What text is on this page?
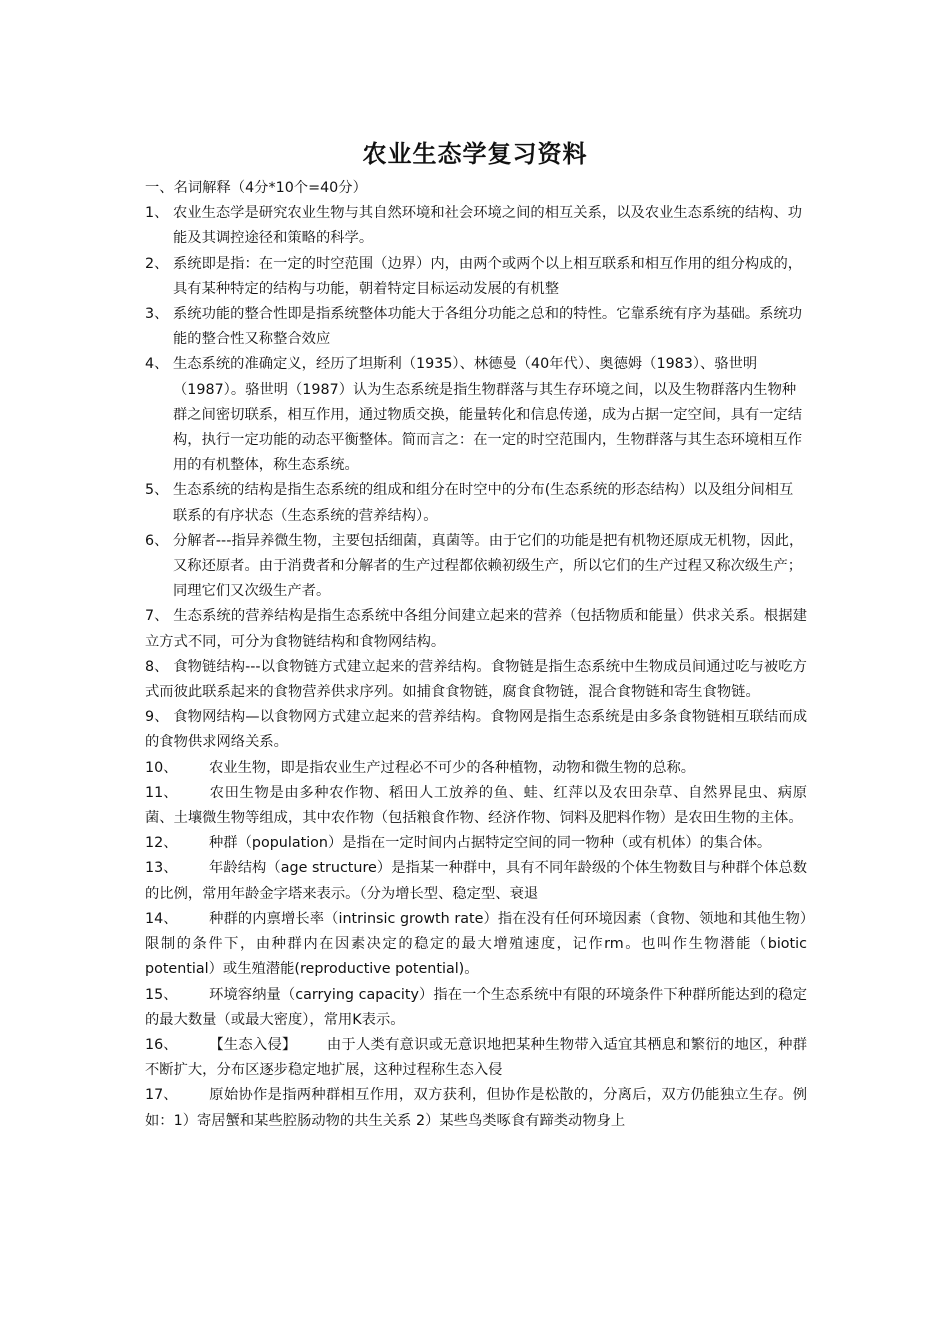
农业生态学复习资料

一、名词解释（4分*10个=40分）

1、 农业生态学是研究农业生物与其自然环境和社会环境之间的相互关系，以及农业生态系统的结构、功能及其调控途径和策略的科学。

2、 系统即是指：在一定的时空范围（边界）内，由两个或两个以上相互联系和相互作用的组分构成的，具有某种特定的结构与功能，朝着特定目标运动发展的有机整

3、 系统功能的整合性即是指系统整体功能大于各组分功能之总和的特性。它靠系统有序为基础。系统功能的整合性又称整合效应

4、 生态系统的准确定义，经历了坦斯利（1935）、林德曼（40年代）、奥德姆（1983）、骆世明（1987）。骆世明（1987）认为生态系统是指生物群落与其生存环境之间，以及生物群落内生物种群之间密切联系，相互作用，通过物质交换，能量转化和信息传递，成为占据一定空间，具有一定结构，执行一定功能的动态平衡整体。简而言之：在一定的时空范围内，生物群落与其生态环境相互作用的有机整体，称生态系统。

5、 生态系统的结构是指生态系统的组成和组分在时空中的分布(生态系统的形态结构）以及组分间相互联系的有序状态（生态系统的营养结构）。

6、 分解者---指异养微生物，主要包括细菌，真菌等。由于它们的功能是把有机物还原成无机物，因此，又称还原者。由于消费者和分解者的生产过程都依赖初级生产，所以它们的生产过程又称次级生产；同理它们又次级生产者。

7、 生态系统的营养结构是指生态系统中各组分间建立起来的营养（包括物质和能量）供求关系。根据建立方式不同，可分为食物链结构和食物网结构。

8、 食物链结构---以食物链方式建立起来的营养结构。食物链是指生态系统中生物成员间通过吃与被吃方式而彼此联系起来的食物营养供求序列。如捕食食物链，腐食食物链，混合食物链和寄生食物链。

9、 食物网结构—以食物网方式建立起来的营养结构。食物网是指生态系统是由多条食物链相互联结而成的食物供求网络关系。

10、 农业生物，即是指农业生产过程必不可少的各种植物，动物和微生物的总称。

11、 农田生物是由多种农作物、稻田人工放养的鱼、蛙、红萍以及农田杂草、自然界昆虫、病原菌、土壤微生物等组成，其中农作物（包括粮食作物、经济作物、饲料及肥料作物）是农田生物的主体。

12、 种群（population）是指在一定时间内占据特定空间的同一物种（或有机体）的集合体。

13、 年龄结构（age structure）是指某一种群中，具有不同年龄级的个体生物数目与种群个体总数的比例，常用年龄金字塔来表示。（分为增长型、稳定型、衰退

14、 种群的内禀增长率（intrinsic growth rate）指在没有任何环境因素（食物、领地和其他生物）限制的条件下，由种群内在因素决定的稳定的最大增殖速度，记作rm。也叫作生物潜能（biotic potential）或生殖潜能(reproductive potential)。

15、 环境容纳量（carrying capacity）指在一个生态系统中有限的环境条件下种群所能达到的稳定的最大数量（或最大密度），常用K表示。

16、 【生态入侵】 由于人类有意识或无意识地把某种生物带入适宜其栖息和繁衍的地区，种群不断扩大，分布区逐步稳定地扩展，这种过程称生态入侵

17、 原始协作是指两种群相互作用，双方获利，但协作是松散的，分离后，双方仍能独立生存。例如：1）寄居蟹和某些腔肠动物的共生关系 2）某些鸟类啄食有蹄类动物身上
